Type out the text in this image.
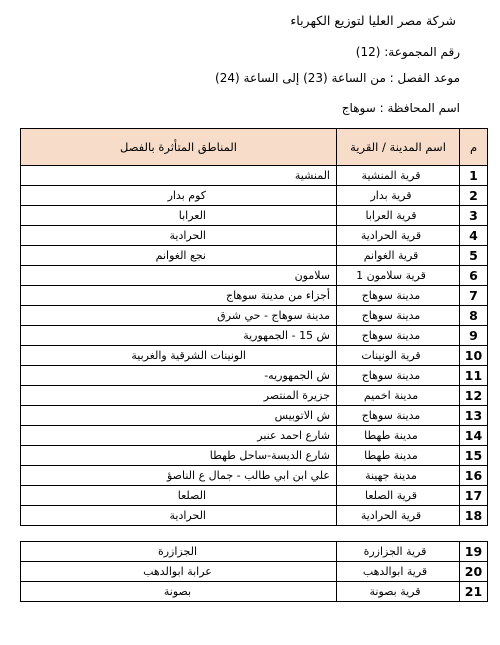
شركة مصر العليا لتوزيع الكهرباء
رقم المجموعة: (12)
موعد الفصل : من الساعة (23) إلى الساعة (24)
اسم المحافظة : سوهاج
م	اسم المدينة / القرية	المناطق المتأثرة بالفصل
1	قرية المنشية	المنشية
2	قرية بدار	كوم بدار
3	قرية العرابا	العرابا
4	قرية الحرادية	الحرادية
5	قرية الغوانم	نجع الغوانم
6	قرية سلامون 1	سلامون
7	مدينة سوهاج	أجزاء من مدينة سوهاج
8	مدينة سوهاج	مدينة سوهاج - حي شرق
9	مدينة سوهاج	ش 15 - الجمهورية
10	قرية الونينات	الونينات الشرقية والغربية
11	مدينة سوهاج	ش الجمهوريه-
12	مدينة اخميم	جزيرة المنتصر
13	مدينة سوهاج	ش الاتوبيس
14	مدينة طهطا	شارع احمد عنبر
15	مدينة طهطا	شارع الديسة-ساحل طهطا
16	مدينة جهينة	علي ابن ابي طالب - جمال ع الناصؤ
17	قرية الصلعا	الصلعا
18	قرية الحرادية	الحرادية
19	قرية الجزازرة	الجزازرة
20	قرية ابوالدهب	عرابة ابوالدهب
21	قرية بصونة	بصونة
